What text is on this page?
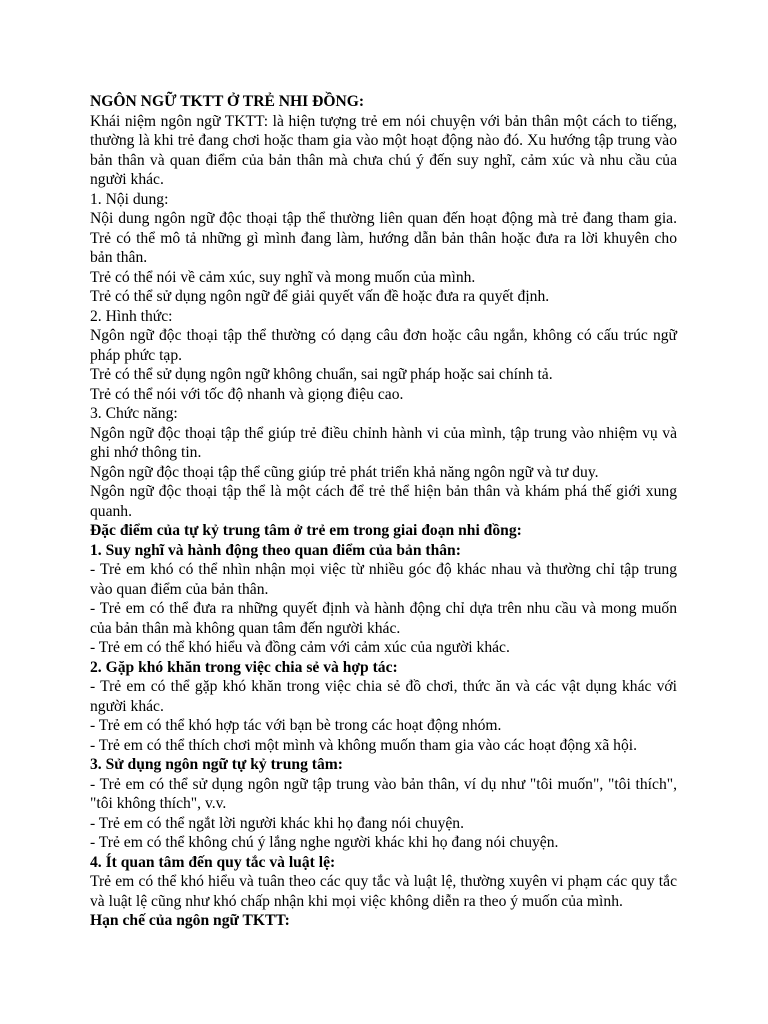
NGÔN NGỮ TKTT Ở TRẺ NHI ĐỒNG:

Khái niệm ngôn ngữ TKTT: là hiện tượng trẻ em nói chuyện với bản thân một cách to tiếng, thường là khi trẻ đang chơi hoặc tham gia vào một hoạt động nào đó. Xu hướng tập trung vào bản thân và quan điểm của bản thân mà chưa chú ý đến suy nghĩ, cảm xúc và nhu cầu của người khác.

1. Nội dung:

Nội dung ngôn ngữ độc thoại tập thể thường liên quan đến hoạt động mà trẻ đang tham gia. Trẻ có thể mô tả những gì mình đang làm, hướng dẫn bản thân hoặc đưa ra lời khuyên cho bản thân.

Trẻ có thể nói về cảm xúc, suy nghĩ và mong muốn của mình.

Trẻ có thể sử dụng ngôn ngữ để giải quyết vấn đề hoặc đưa ra quyết định.

2. Hình thức:

Ngôn ngữ độc thoại tập thể thường có dạng câu đơn hoặc câu ngắn, không có cấu trúc ngữ pháp phức tạp.

Trẻ có thể sử dụng ngôn ngữ không chuẩn, sai ngữ pháp hoặc sai chính tả.

Trẻ có thể nói với tốc độ nhanh và giọng điệu cao.

3. Chức năng:

Ngôn ngữ độc thoại tập thể giúp trẻ điều chỉnh hành vi của mình, tập trung vào nhiệm vụ và ghi nhớ thông tin.

Ngôn ngữ độc thoại tập thể cũng giúp trẻ phát triển khả năng ngôn ngữ và tư duy.

Ngôn ngữ độc thoại tập thể là một cách để trẻ thể hiện bản thân và khám phá thế giới xung quanh.

Đặc điểm của tự kỷ trung tâm ở trẻ em trong giai đoạn nhi đồng:

1. Suy nghĩ và hành động theo quan điểm của bản thân:

- Trẻ em khó có thể nhìn nhận mọi việc từ nhiều góc độ khác nhau và thường chỉ tập trung vào quan điểm của bản thân.

- Trẻ em có thể đưa ra những quyết định và hành động chỉ dựa trên nhu cầu và mong muốn của bản thân mà không quan tâm đến người khác.

- Trẻ em có thể khó hiểu và đồng cảm với cảm xúc của người khác.

2. Gặp khó khăn trong việc chia sẻ và hợp tác:

- Trẻ em có thể gặp khó khăn trong việc chia sẻ đồ chơi, thức ăn và các vật dụng khác với người khác.

- Trẻ em có thể khó hợp tác với bạn bè trong các hoạt động nhóm.

- Trẻ em có thể thích chơi một mình và không muốn tham gia vào các hoạt động xã hội.

3. Sử dụng ngôn ngữ tự kỷ trung tâm:

- Trẻ em có thể sử dụng ngôn ngữ tập trung vào bản thân, ví dụ như "tôi muốn", "tôi thích", "tôi không thích", v.v.

- Trẻ em có thể ngắt lời người khác khi họ đang nói chuyện.

- Trẻ em có thể không chú ý lắng nghe người khác khi họ đang nói chuyện.

4. Ít quan tâm đến quy tắc và luật lệ:

Trẻ em có thể khó hiểu và tuân theo các quy tắc và luật lệ, thường xuyên vi phạm các quy tắc và luật lệ cũng như khó chấp nhận khi mọi việc không diễn ra theo ý muốn của mình.

Hạn chế của ngôn ngữ TKTT:
